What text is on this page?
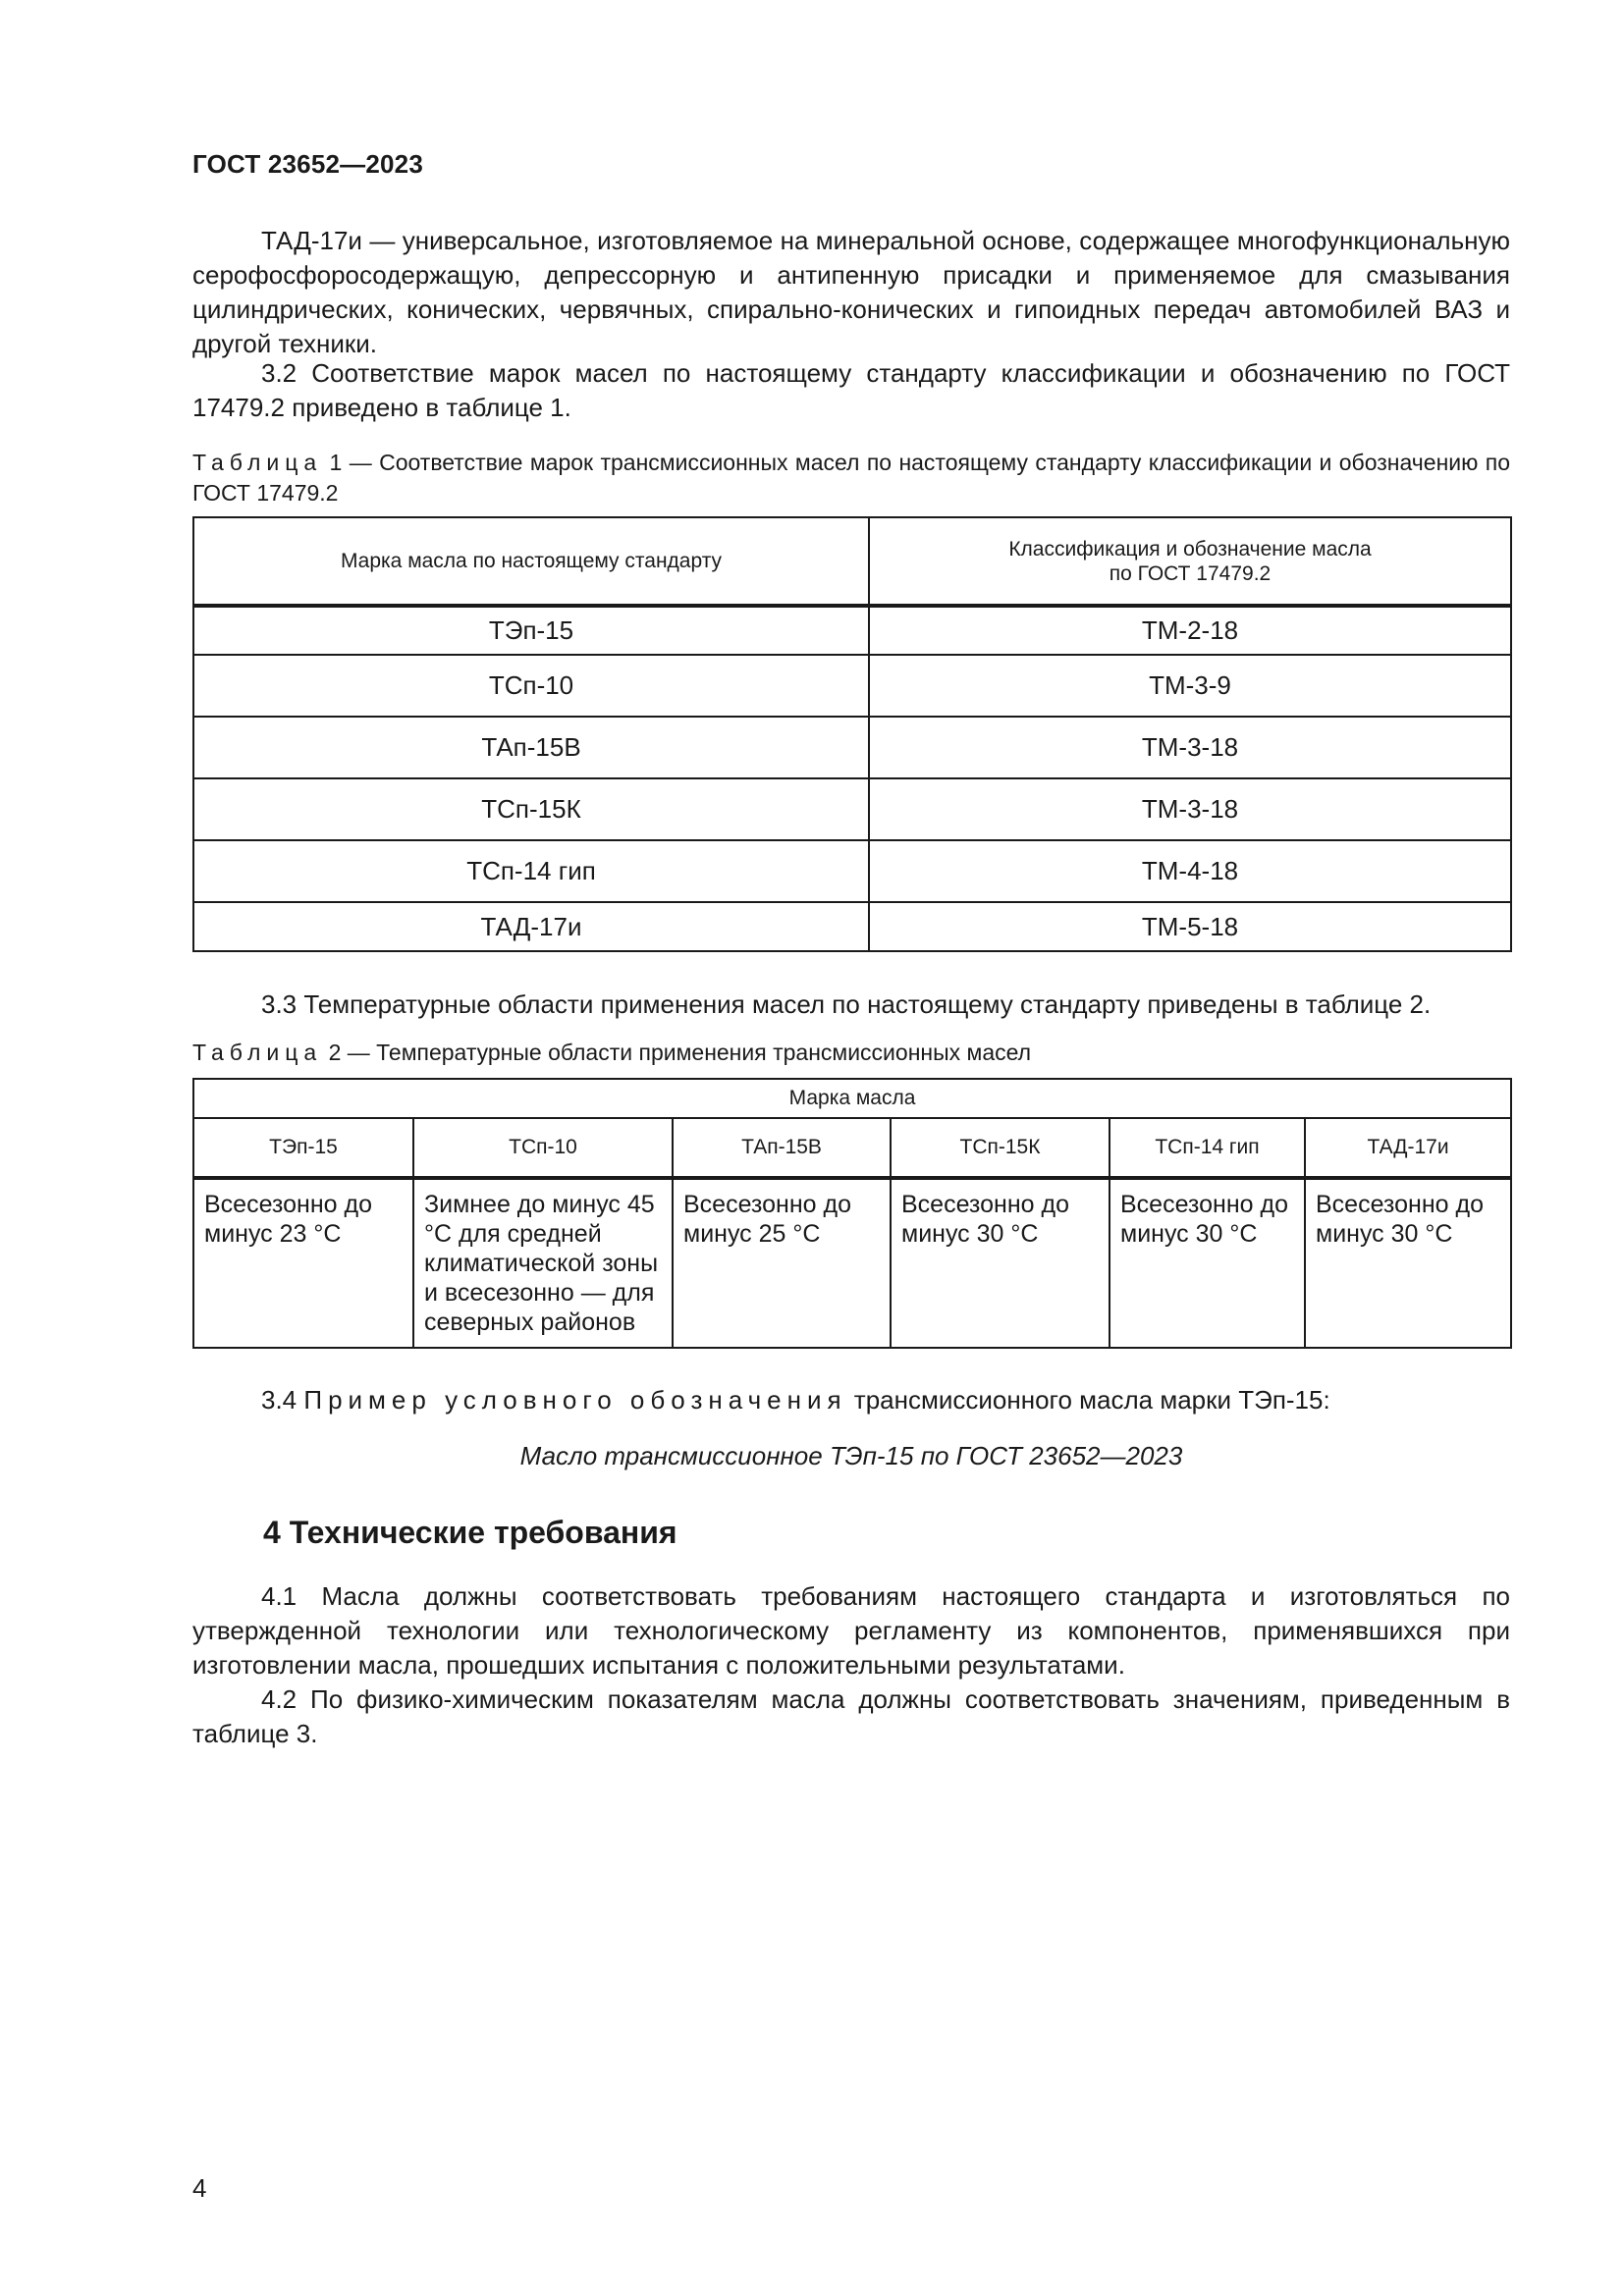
ГОСТ 23652—2023

ТАД-17и — универсальное, изготовляемое на минеральной основе, содержащее многофункциональную серофосфоросодержащую, депрессорную и антипенную присадки и применяемое для смазывания цилиндрических, конических, червячных, спирально-конических и гипоидных передач автомобилей ВАЗ и другой техники.

3.2 Соответствие марок масел по настоящему стандарту классификации и обозначению по ГОСТ 17479.2 приведено в таблице 1.

Таблица 1 — Соответствие марок трансмиссионных масел по настоящему стандарту классификации и обозначению по ГОСТ 17479.2

Марка масла по настоящему стандарту	Классификация и обозначение масла
по ГОСТ 17479.2
ТЭп-15	ТМ-2-18
ТСп-10	ТМ-3-9
ТАп-15В	ТМ-3-18
ТСп-15К	ТМ-3-18
ТСп-14 гип	ТМ-4-18
ТАД-17и	ТМ-5-18

3.3 Температурные области применения масел по настоящему стандарту приведены в таблице 2.

Таблица 2 — Температурные области применения трансмиссионных масел

Марка масла					
ТЭп-15	ТСп-10	ТАп-15В	ТСп-15К	ТСп-14 гип	ТАД-17и
Всесезонно до минус 23 °С	Зимнее до минус 45 °С для средней климатической зоны и всесезонно — для северных районов	Всесезонно до минус 25 °С	Всесезонно до минус 30 °С	Всесезонно до минус 30 °С	Всесезонно до минус 30 °С

3.4 Пример условного обозначения трансмиссионного масла марки ТЭп-15:

Масло трансмиссионное ТЭп-15 по ГОСТ 23652—2023
4 Технические требования

4.1 Масла должны соответствовать требованиям настоящего стандарта и изготовляться по утвержденной технологии или технологическому регламенту из компонентов, применявшихся при изготовлении масла, прошедших испытания с положительными результатами.

4.2 По физико-химическим показателям масла должны соответствовать значениям, приведенным в таблице 3.

4
